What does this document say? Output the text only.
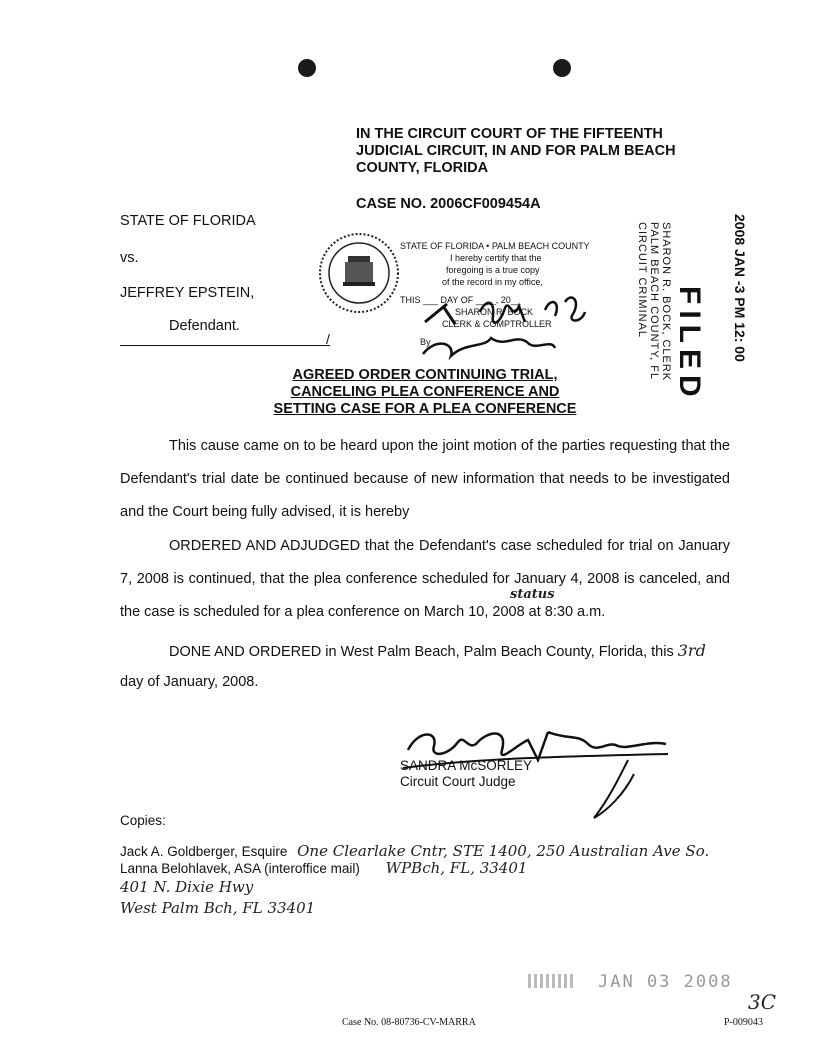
IN THE CIRCUIT COURT OF THE FIFTEENTH
JUDICIAL CIRCUIT, IN AND FOR PALM BEACH
COUNTY, FLORIDA
CASE NO. 2006CF009454A
STATE OF FLORIDA
vs.
JEFFREY EPSTEIN,
Defendant.
/
STATE OF FLORIDA • PALM BEACH COUNTY
I hereby certify that the
foregoing is a true copy
of the record in my office,
THIS ___ DAY OF ____, 20__
SHARON R. BOCK
CLERK & COMPTROLLER
By	FILED 2008 JAN -3 PM 12: 00
SHARON R. BOCK, CLERK
PALM BEACH COUNTY, FL
CIRCUIT CRIMINAL
AGREED ORDER CONTINUING TRIAL,
CANCELING PLEA CONFERENCE AND
SETTING CASE FOR A PLEA CONFERENCE
This cause came on to be heard upon the joint motion of the parties requesting that the Defendant's trial date be continued because of new information that needs to be investigated and the Court being fully advised, it is hereby
ORDERED AND ADJUDGED that the Defendant's case scheduled for trial on January 7, 2008 is continued, that the plea conference scheduled for January 4, 2008 is canceled, and the case is scheduled for a plea conference on March 10, 2008 at 8:30 a.m.
status
DONE AND ORDERED in West Palm Beach, Palm Beach County, Florida, this 3rd
day of January, 2008.
SANDRA McSORLEY
Circuit Court Judge
Copies:
Jack A. Goldberger, Esquire One Clearlake Cntr, STE 1400, 250 Australian Ave So.
Lanna Belohlavek, ASA (interoffice mail) WPBch, FL, 33401
401 N. Dixie Hwy
West Palm Bch, FL 33401
JAN 03 2008
3C
Case No. 08-80736-CV-MARRA	P-009043
